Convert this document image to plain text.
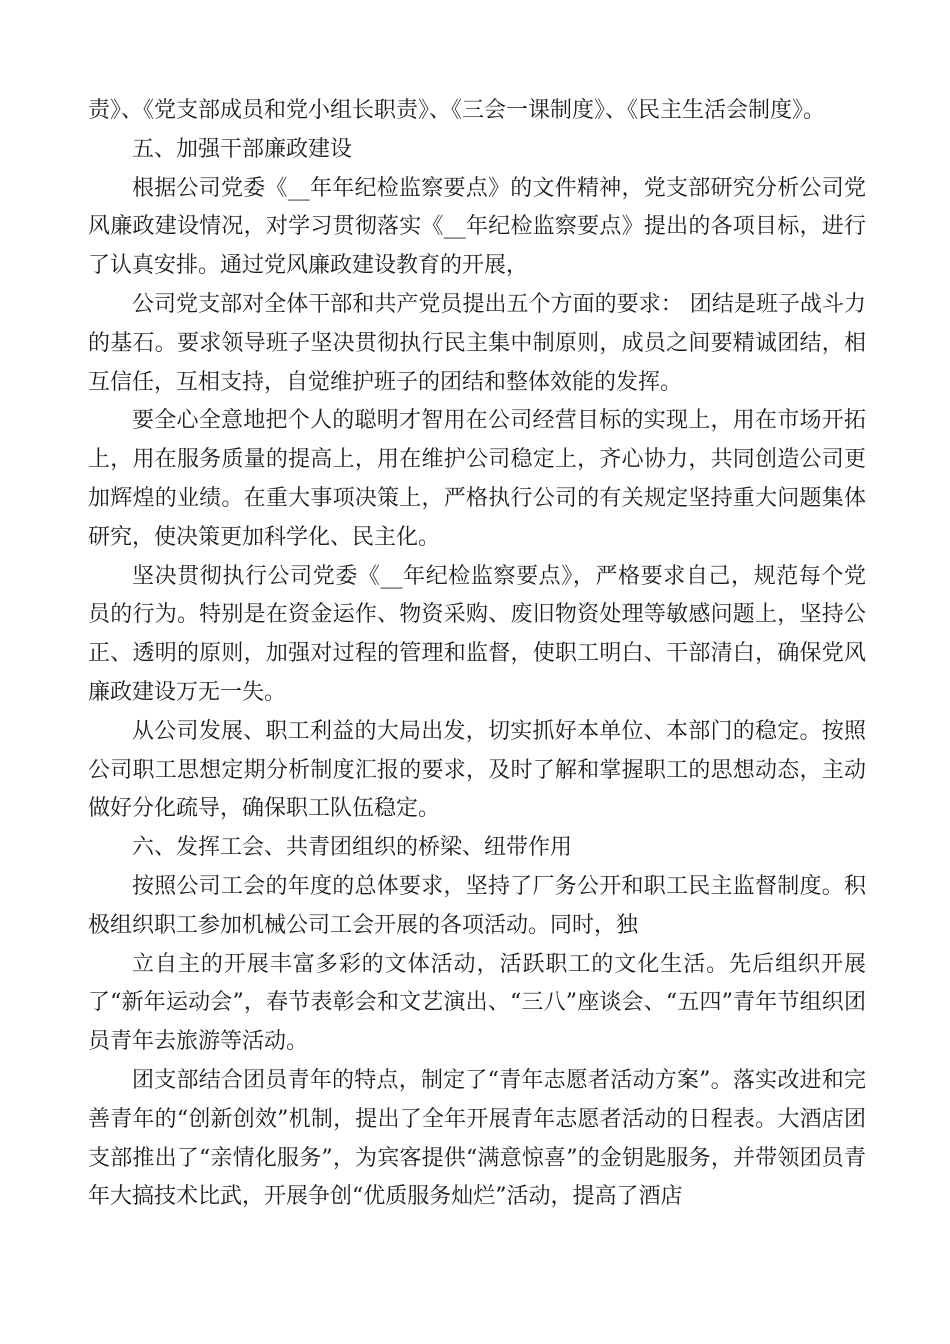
责》、《党支部成员和党小组长职责》、《三会一课制度》、《民主生活会制度》。

五、加强干部廉政建设

根据公司党委《__年年纪检监察要点》的文件精神，党支部研究分析公司党风廉政建设情况，对学习贯彻落实《__年纪检监察要点》提出的各项目标，进行了认真安排。通过党风廉政建设教育的开展，

公司党支部对全体干部和共产党员提出五个方面的要求： 团结是班子战斗力的基石。要求领导班子坚决贯彻执行民主集中制原则，成员之间要精诚团结，相互信任，互相支持，自觉维护班子的团结和整体效能的发挥。

要全心全意地把个人的聪明才智用在公司经营目标的实现上，用在市场开拓上，用在服务质量的提高上，用在维护公司稳定上，齐心协力，共同创造公司更加辉煌的业绩。在重大事项决策上，严格执行公司的有关规定坚持重大问题集体研究，使决策更加科学化、民主化。

坚决贯彻执行公司党委《__年纪检监察要点》，严格要求自己，规范每个党员的行为。特别是在资金运作、物资采购、废旧物资处理等敏感问题上，坚持公正、透明的原则，加强对过程的管理和监督，使职工明白、干部清白，确保党风廉政建设万无一失。

从公司发展、职工利益的大局出发，切实抓好本单位、本部门的稳定。按照公司职工思想定期分析制度汇报的要求，及时了解和掌握职工的思想动态，主动做好分化疏导，确保职工队伍稳定。

六、发挥工会、共青团组织的桥梁、纽带作用

按照公司工会的年度的总体要求，坚持了厂务公开和职工民主监督制度。积极组织职工参加机械公司工会开展的各项活动。同时，独

立自主的开展丰富多彩的文体活动，活跃职工的文化生活。先后组织开展了“新年运动会”，春节表彰会和文艺演出、“三八”座谈会、“五四”青年节组织团员青年去旅游等活动。

团支部结合团员青年的特点，制定了“青年志愿者活动方案”。落实改进和完善青年的“创新创效”机制，提出了全年开展青年志愿者活动的日程表。大酒店团支部推出了“亲情化服务”，为宾客提供“满意惊喜”的金钥匙服务，并带领团员青年大搞技术比武，开展争创“优质服务灿烂”活动，提高了酒店
